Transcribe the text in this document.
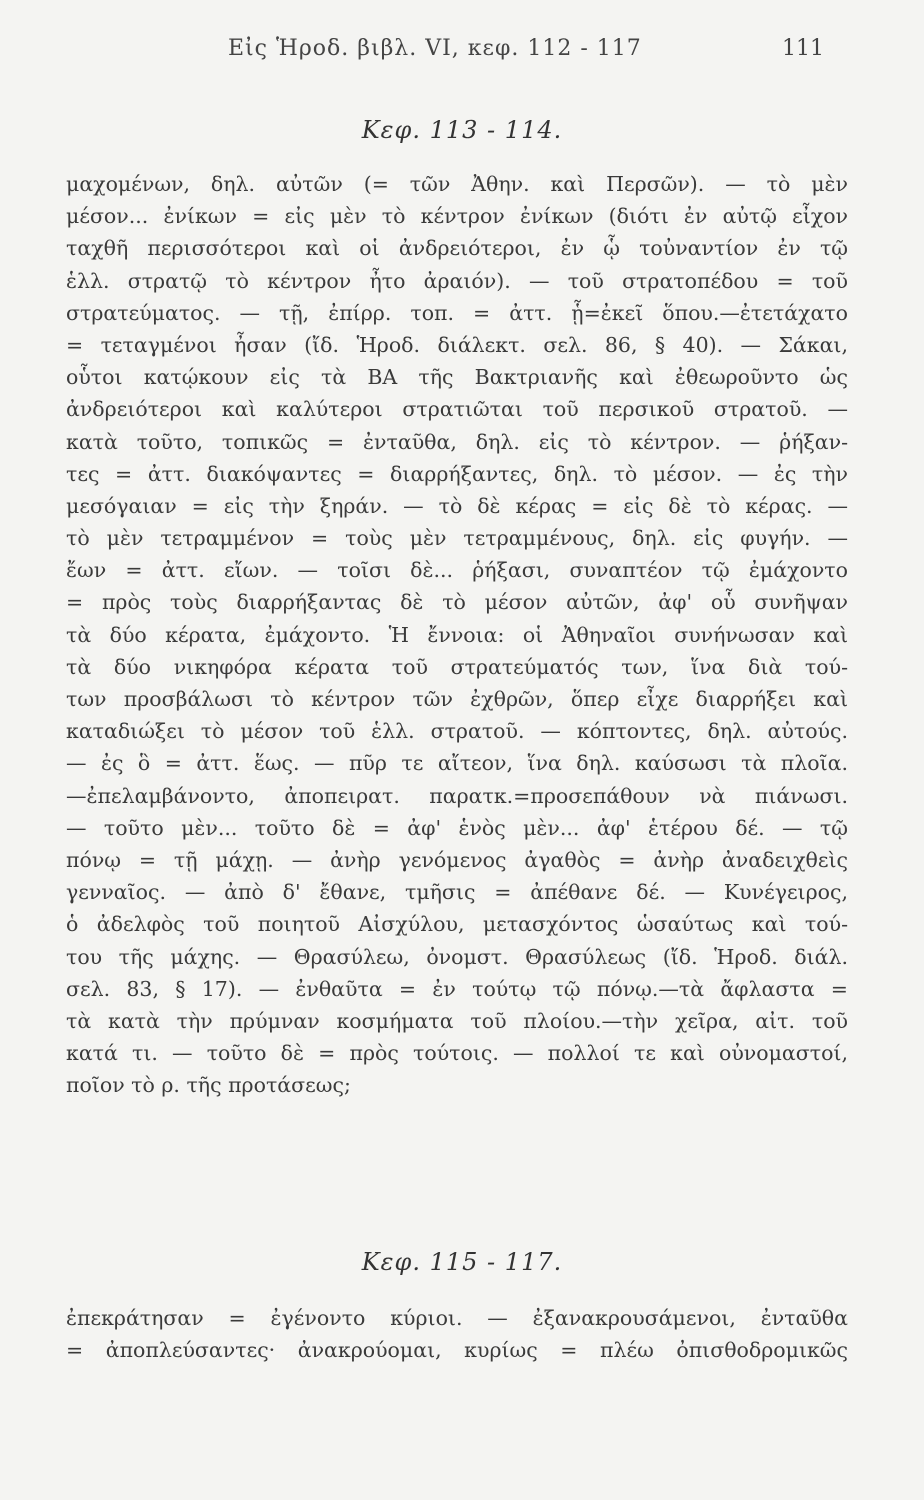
Εἰς Ἡροδ. βιβλ. VI, κεφ. 112 - 117	111
Κεφ. 113 - 114.
μαχομένων, δηλ. αὐτῶν (= τῶν Ἀθην. καὶ Περσῶν). — τὸ μὲν
μέσον... ἐνίκων = εἰς μὲν τὸ κέντρον ἐνίκων (διότι ἐν αὐτῷ εἶχον
ταχθῆ περισσότεροι καὶ οἱ ἀνδρειότεροι, ἐν ᾧ τοὐναντίον ἐν τῷ
ἑλλ. στρατῷ τὸ κέντρον ἦτο ἀραιόν). — τοῦ στρατοπέδου = τοῦ
στρατεύματος. — τῇ, ἐπίρρ. τοπ. = ἀττ. ᾗ=ἐκεῖ ὅπου.—ἐτετάχατο
= τεταγμένοι ἦσαν (ἴδ. Ἡροδ. διάλεκτ. σελ. 86, § 40). — Σάκαι,
οὗτοι κατῴκουν εἰς τὰ ΒΑ τῆς Βακτριανῆς καὶ ἐθεωροῦντο ὡς
ἀνδρειότεροι καὶ καλύτεροι στρατιῶται τοῦ περσικοῦ στρατοῦ. —
κατὰ τοῦτο, τοπικῶς = ἐνταῦθα, δηλ. εἰς τὸ κέντρον. — ῥήξαν-
τες = ἀττ. διακόψαντες = διαρρήξαντες, δηλ. τὸ μέσον. — ἐς τὴν
μεσόγαιαν = εἰς τὴν ξηράν. — τὸ δὲ κέρας = εἰς δὲ τὸ κέρας. —
τὸ μὲν τετραμμένον = τοὺς μὲν τετραμμένους, δηλ. εἰς φυγήν. —
ἔων = ἀττ. εἴων. — τοῖσι δὲ... ῥήξασι, συναπτέον τῷ ἐμάχοντο
= πρὸς τοὺς διαρρήξαντας δὲ τὸ μέσον αὐτῶν, ἀφ' οὗ συνῆψαν
τὰ δύο κέρατα, ἐμάχοντο. Ἡ ἔννοια: οἱ Ἀθηναῖοι συνήνωσαν καὶ
τὰ δύο νικηφόρα κέρατα τοῦ στρατεύματός των, ἵνα διὰ τού-
των προσβάλωσι τὸ κέντρον τῶν ἐχθρῶν, ὅπερ εἶχε διαρρήξει καὶ
καταδιώξει τὸ μέσον τοῦ ἑλλ. στρατοῦ. — κόπτοντες, δηλ. αὐτούς.
— ἐς ὃ = ἀττ. ἕως. — πῦρ τε αἴτεον, ἵνα δηλ. καύσωσι τὰ πλοῖα.
—ἐπελαμβάνοντο, ἀποπειρατ. παρατκ.=προσεπάθουν νὰ πιάνωσι.
— τοῦτο μὲν... τοῦτο δὲ = ἀφ' ἑνὸς μὲν... ἀφ' ἑτέρου δέ. — τῷ
πόνῳ = τῇ μάχῃ. — ἀνὴρ γενόμενος ἀγαθὸς = ἀνὴρ ἀναδειχθεὶς
γενναῖος. — ἀπὸ δ' ἔθανε, τμῆσις = ἀπέθανε δέ. — Κυνέγειρος,
ὁ ἀδελφὸς τοῦ ποιητοῦ Αἰσχύλου, μετασχόντος ὡσαύτως καὶ τού-
του τῆς μάχης. — Θρασύλεω, ὀνομστ. Θρασύλεως (ἴδ. Ἡροδ. διάλ.
σελ. 83, § 17). — ἐνθαῦτα = ἐν τούτῳ τῷ πόνῳ.—τὰ ἄφλαστα =
τὰ κατὰ τὴν πρύμναν κοσμήματα τοῦ πλοίου.—τὴν χεῖρα, αἰτ. τοῦ
κατά τι. — τοῦτο δὲ = πρὸς τούτοις. — πολλοί τε καὶ οὐνομαστοί,
ποῖον τὸ ρ. τῆς προτάσεως;
Κεφ. 115 - 117.
ἐπεκράτησαν = ἐγένοντο κύριοι. — ἐξανακρουσάμενοι, ἐνταῦθα
= ἀποπλεύσαντες· ἀνακρούομαι, κυρίως = πλέω ὀπισθοδρομικῶς
